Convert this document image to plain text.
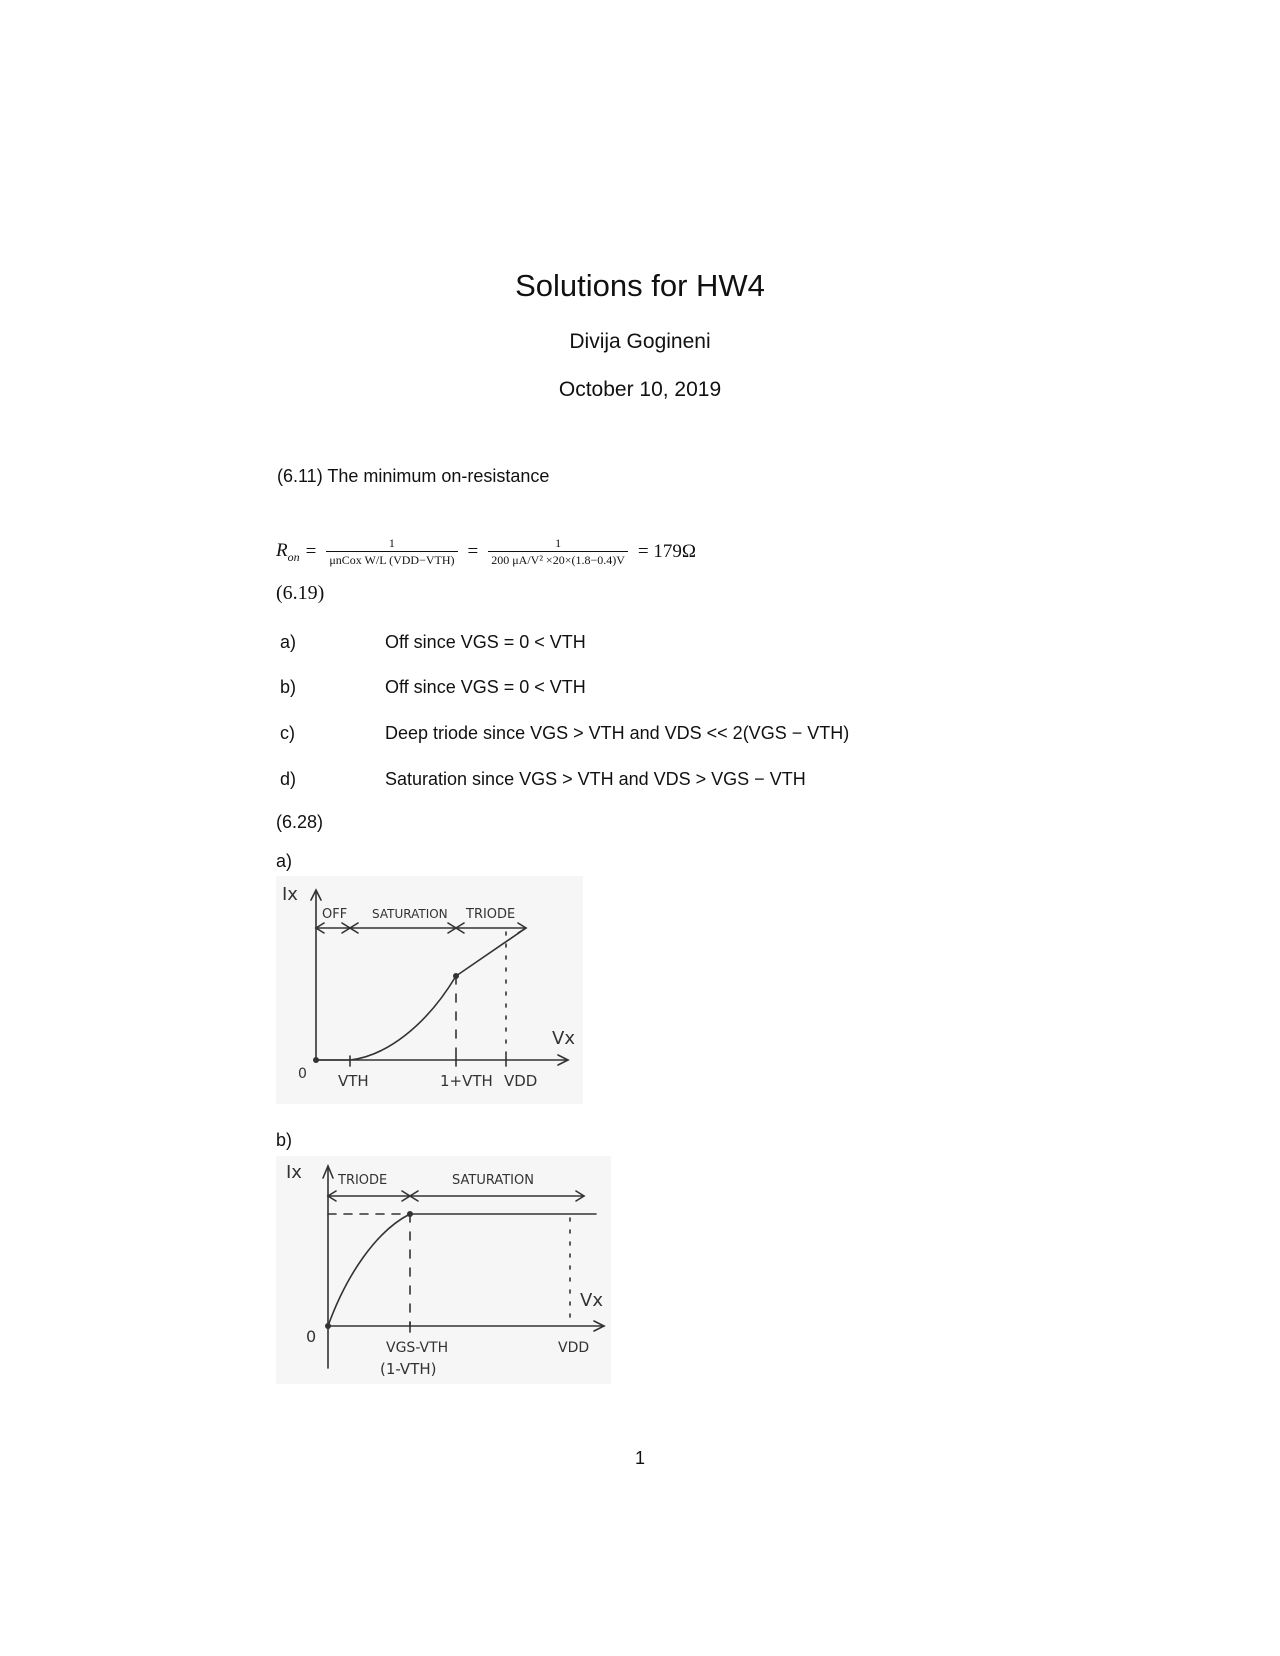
Solutions for HW4
Divija Gogineni
October 10, 2019
(6.11) The minimum on-resistance
$R_{on} = \frac{1}{\text{μnCox W/L (VDD−VTH)}} = \frac{1}{\text{200 μA/V² ×20×(1.8−0.4)V}} = 179\Omega$
(6.19)
a)	Off since VGS = 0 < VTH
b)	Off since VGS = 0 < VTH
c)	Deep triode since VGS > VTH and VDS << 2(VGS − VTH)
d)	Saturation since VGS > VTH and VDS > VGS − VTH
(6.28)
a)
Ix
Vx
0
OFF SATURATION TRIODE
VTH	1+VTH VDD
b)
Ix
Vx
0
TRIODE	SATURATION
VGS-VTH
(1-VTH)
VDD
1
